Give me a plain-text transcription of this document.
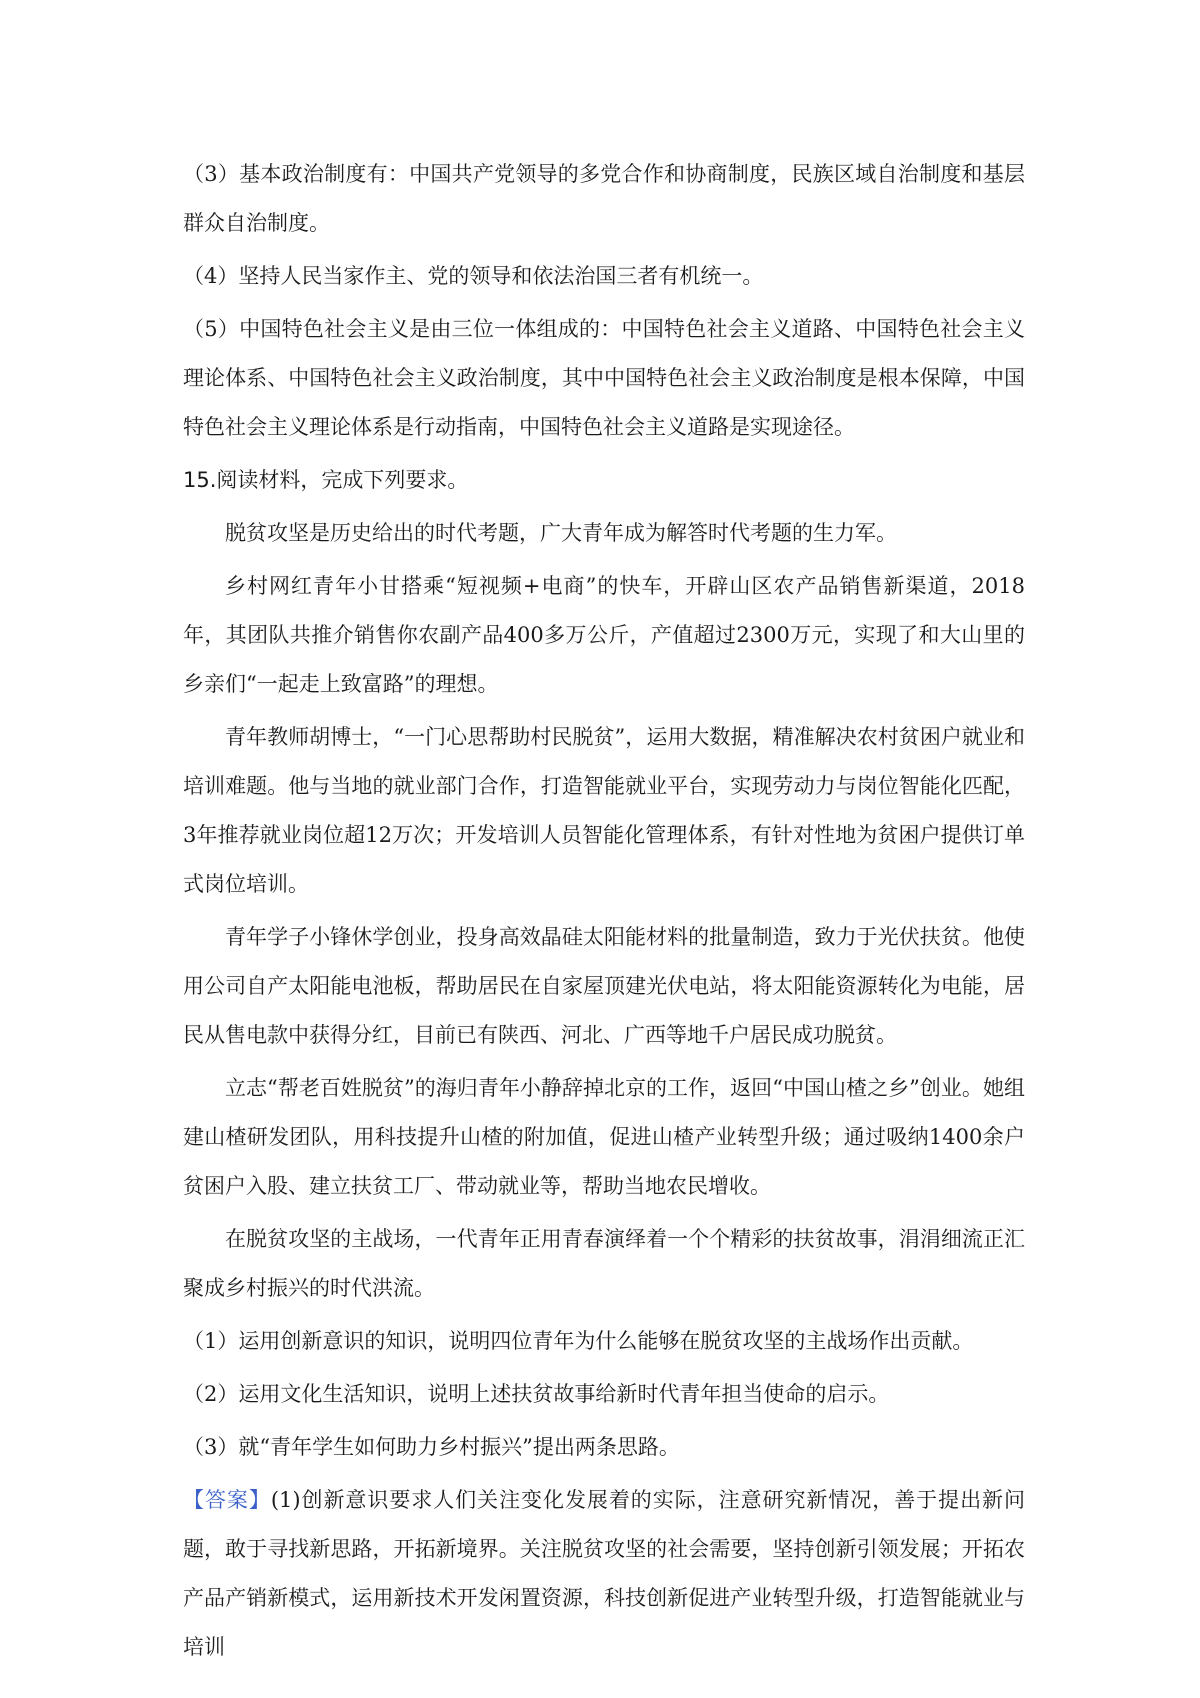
（3）基本政治制度有：中国共产党领导的多党合作和协商制度，民族区域自治制度和基层群众自治制度。

（4）坚持人民当家作主、党的领导和依法治国三者有机统一。

（5）中国特色社会主义是由三位一体组成的：中国特色社会主义道路、中国特色社会主义理论体系、中国特色社会主义政治制度，其中中国特色社会主义政治制度是根本保障，中国特色社会主义理论体系是行动指南，中国特色社会主义道路是实现途径。

15.阅读材料，完成下列要求。

脱贫攻坚是历史给出的时代考题，广大青年成为解答时代考题的生力军。

乡村网红青年小甘搭乘“短视频+电商”的快车，开辟山区农产品销售新渠道，2018年，其团队共推介销售你农副产品400多万公斤，产值超过2300万元，实现了和大山里的乡亲们“一起走上致富路”的理想。

青年教师胡博士，“一门心思帮助村民脱贫”，运用大数据，精准解决农村贫困户就业和培训难题。他与当地的就业部门合作，打造智能就业平台，实现劳动力与岗位智能化匹配，3年推荐就业岗位超12万次；开发培训人员智能化管理体系，有针对性地为贫困户提供订单式岗位培训。

青年学子小锋休学创业，投身高效晶硅太阳能材料的批量制造，致力于光伏扶贫。他使用公司自产太阳能电池板，帮助居民在自家屋顶建光伏电站，将太阳能资源转化为电能，居民从售电款中获得分红，目前已有陕西、河北、广西等地千户居民成功脱贫。

立志“帮老百姓脱贫”的海归青年小静辞掉北京的工作，返回“中国山楂之乡”创业。她组建山楂研发团队，用科技提升山楂的附加值，促进山楂产业转型升级；通过吸纳1400余户贫困户入股、建立扶贫工厂、带动就业等，帮助当地农民增收。

在脱贫攻坚的主战场，一代青年正用青春演绎着一个个精彩的扶贫故事，涓涓细流正汇聚成乡村振兴的时代洪流。

（1）运用创新意识的知识，说明四位青年为什么能够在脱贫攻坚的主战场作出贡献。

（2）运用文化生活知识，说明上述扶贫故事给新时代青年担当使命的启示。

（3）就“青年学生如何助力乡村振兴”提出两条思路。

【答案】(1)创新意识要求人们关注变化发展着的实际，注意研究新情况，善于提出新问题，敢于寻找新思路，开拓新境界。关注脱贫攻坚的社会需要，坚持创新引领发展；开拓农产品产销新模式，运用新技术开发闲置资源，科技创新促进产业转型升级，打造智能就业与培训
